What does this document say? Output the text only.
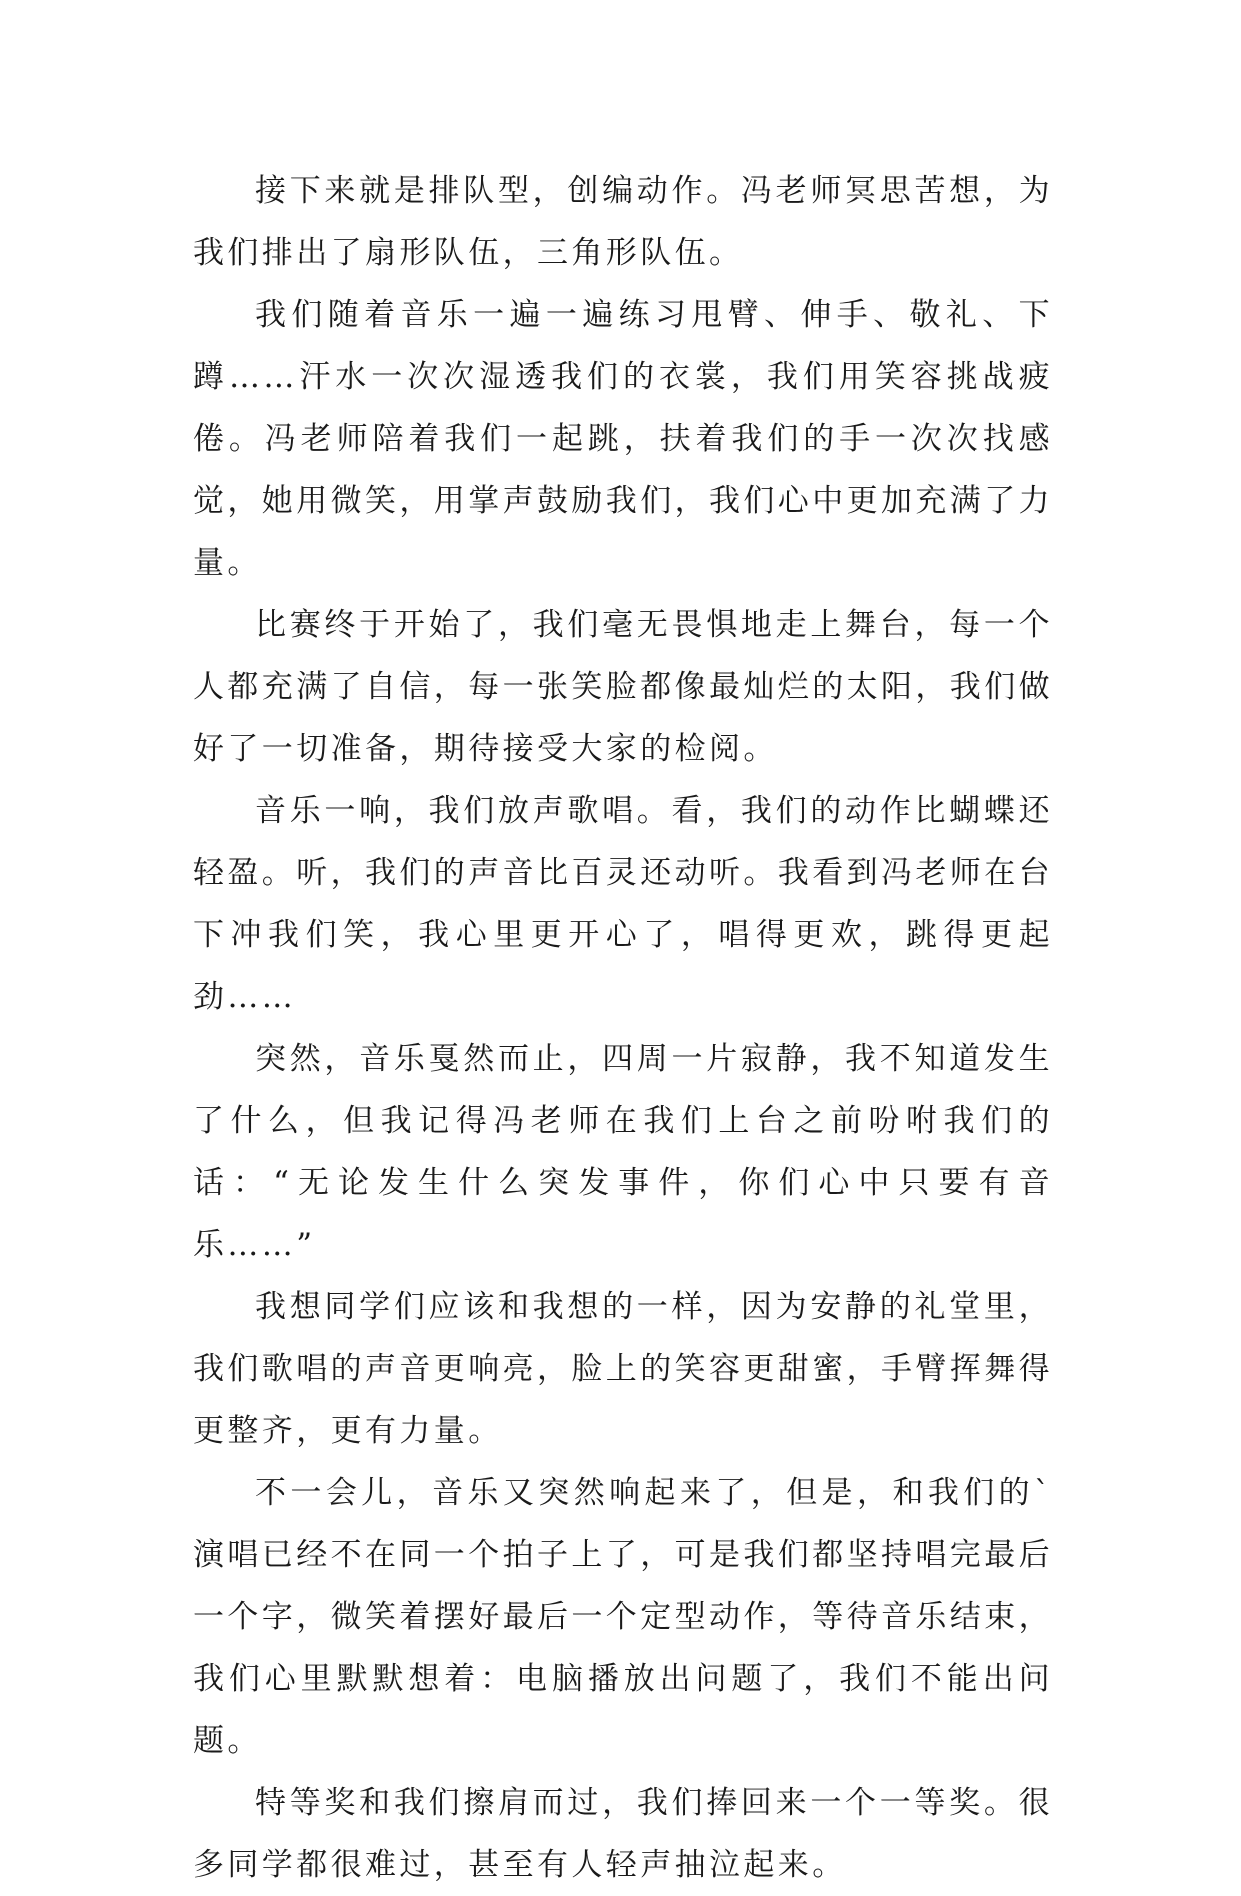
接下来就是排队型，创编动作。冯老师冥思苦想，为我们排出了扇形队伍，三角形队伍。

我们随着音乐一遍一遍练习甩臂、伸手、敬礼、下蹲……汗水一次次湿透我们的衣裳，我们用笑容挑战疲倦。冯老师陪着我们一起跳，扶着我们的手一次次找感觉，她用微笑，用掌声鼓励我们，我们心中更加充满了力量。

比赛终于开始了，我们毫无畏惧地走上舞台，每一个人都充满了自信，每一张笑脸都像最灿烂的太阳，我们做好了一切准备，期待接受大家的检阅。

音乐一响，我们放声歌唱。看，我们的动作比蝴蝶还轻盈。听，我们的声音比百灵还动听。我看到冯老师在台下冲我们笑，我心里更开心了，唱得更欢，跳得更起劲……

突然，音乐戛然而止，四周一片寂静，我不知道发生了什么，但我记得冯老师在我们上台之前吩咐我们的话：“无论发生什么突发事件，你们心中只要有音乐……”

我想同学们应该和我想的一样，因为安静的礼堂里，我们歌唱的声音更响亮，脸上的笑容更甜蜜，手臂挥舞得更整齐，更有力量。

不一会儿，音乐又突然响起来了，但是，和我们的`演唱已经不在同一个拍子上了，可是我们都坚持唱完最后一个字，微笑着摆好最后一个定型动作，等待音乐结束，我们心里默默想着：电脑播放出问题了，我们不能出问题。

特等奖和我们擦肩而过，我们捧回来一个一等奖。很多同学都很难过，甚至有人轻声抽泣起来。
